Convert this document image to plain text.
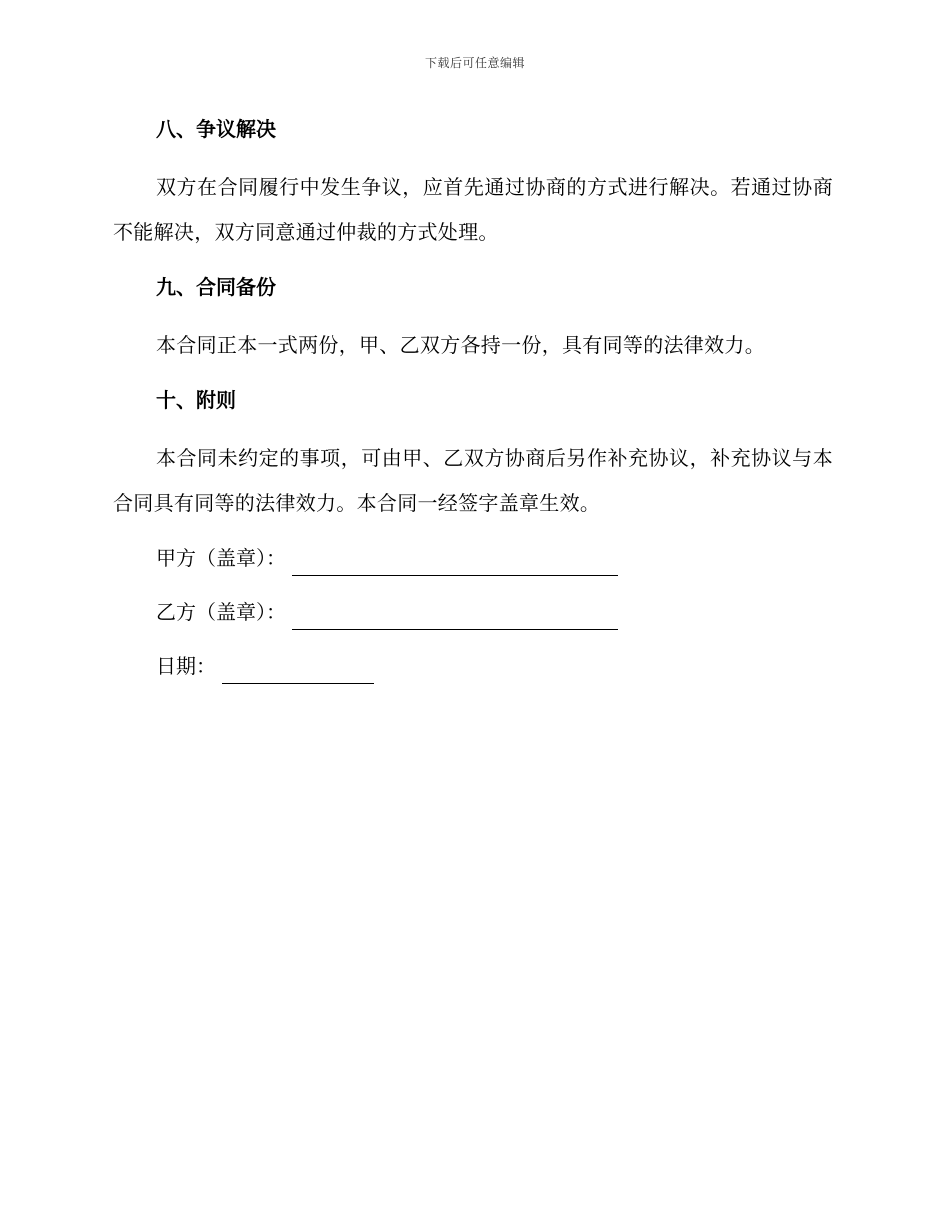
下载后可任意编辑
八、争议解决

双方在合同履行中发生争议，应首先通过协商的方式进行解决。若通过协商不能解决，双方同意通过仲裁的方式处理。

九、合同备份

本合同正本一式两份，甲、乙双方各持一份，具有同等的法律效力。

十、附则

本合同未约定的事项，可由甲、乙双方协商后另作补充协议，补充协议与本合同具有同等的法律效力。本合同一经签字盖章生效。

甲方（盖章）：
乙方（盖章）：
日期：
